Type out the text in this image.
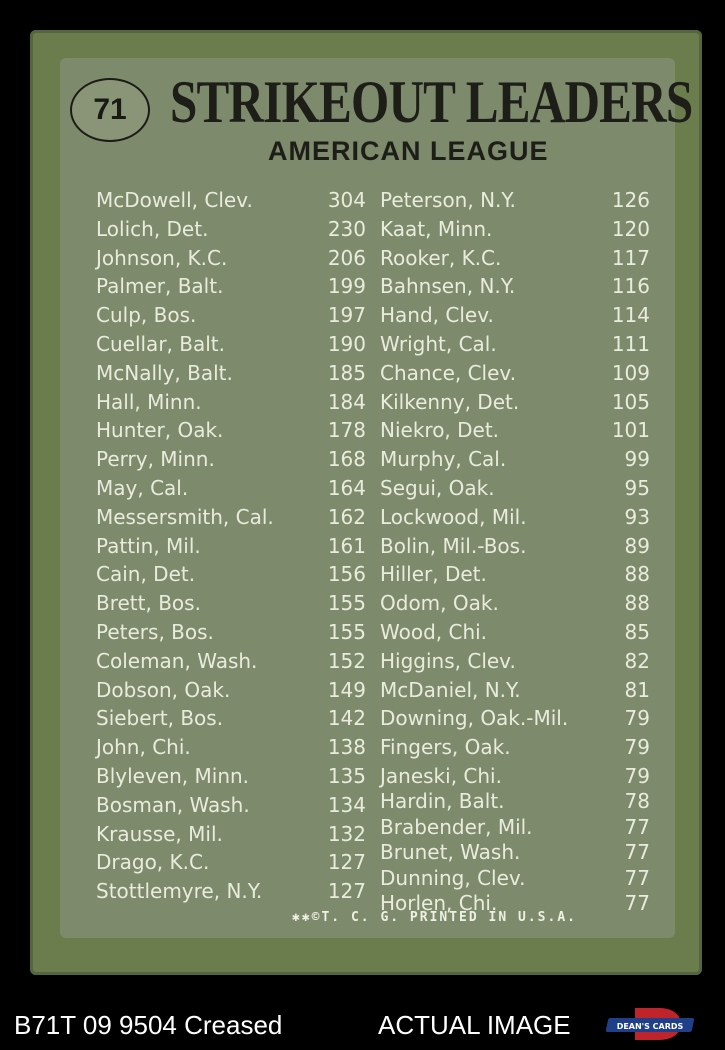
71 STRIKEOUT LEADERS
AMERICAN LEAGUE
McDowell, Clev.	304
Lolich, Det.	230
Johnson, K.C.	206
Palmer, Balt.	199
Culp, Bos.	197
Cuellar, Balt.	190
McNally, Balt.	185
Hall, Minn.	184
Hunter, Oak.	178
Perry, Minn.	168
May, Cal.	164
Messersmith, Cal.	162
Pattin, Mil.	161
Cain, Det.	156
Brett, Bos.	155
Peters, Bos.	155
Coleman, Wash.	152
Dobson, Oak.	149
Siebert, Bos.	142
John, Chi.	138
Blyleven, Minn.	135
Bosman, Wash.	134
Krausse, Mil.	132
Drago, K.C.	127
Stottlemyre, N.Y.	127
Peterson, N.Y.	126
Kaat, Minn.	120
Rooker, K.C.	117
Bahnsen, N.Y.	116
Hand, Clev.	114
Wright, Cal.	111
Chance, Clev.	109
Kilkenny, Det.	105
Niekro, Det.	101
Murphy, Cal.	99
Segui, Oak.	95
Lockwood, Mil.	93
Bolin, Mil.-Bos.	89
Hiller, Det.	88
Odom, Oak.	88
Wood, Chi.	85
Higgins, Clev.	82
McDaniel, N.Y.	81
Downing, Oak.-Mil.	79
Fingers, Oak.	79
Janeski, Chi.	79
Hardin, Balt.	78
Brabender, Mil.	77
Brunet, Wash.	77
Dunning, Clev.	77
Horlen, Chi.	77
✱✱©T. C. G. PRINTED IN U.S.A.
B71T 09 9504 Creased	ACTUAL IMAGE	DEAN'S CARDS
